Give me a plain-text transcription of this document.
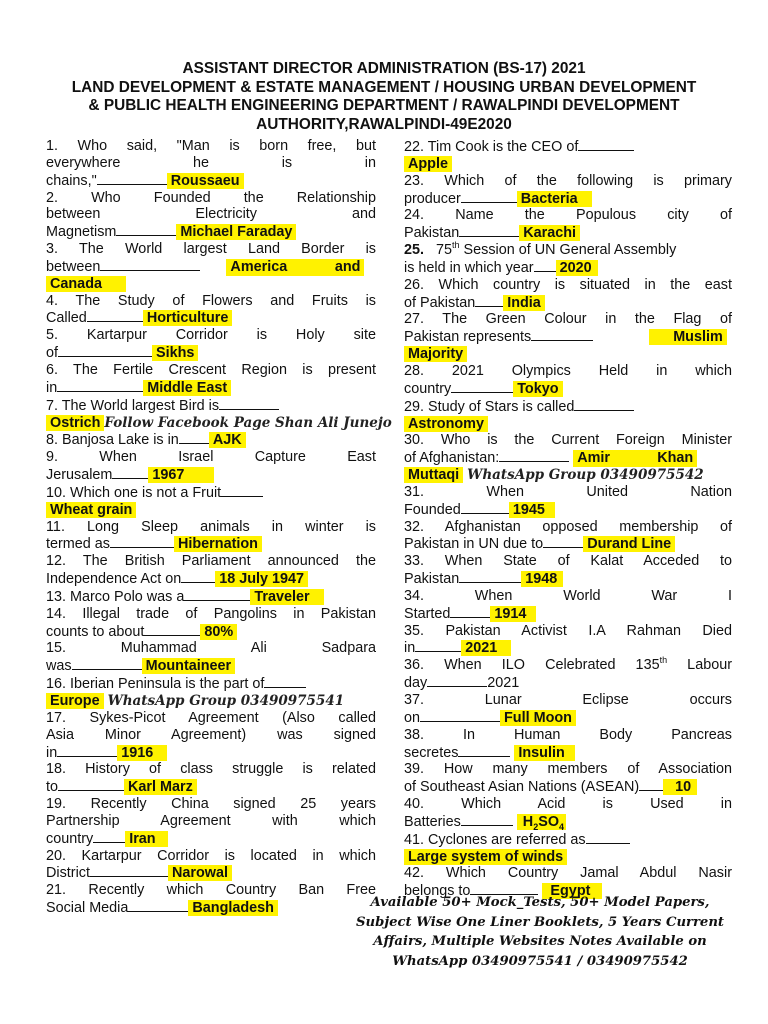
ASSISTANT DIRECTOR ADMINISTRATION (BS-17) 2021
LAND DEVELOPMENT & ESTATE MANAGEMENT / HOUSING URBAN DEVELOPMENT
& PUBLIC HEALTH ENGINEERING DEPARTMENT / RAWALPINDI DEVELOPMENT
AUTHORITY,RAWALPINDI-49E2020
1. Who said, "Man is born free, but
everywhere he is in
chains,"	Roussaeu
2. Who Founded the Relationship
between Electricity and
Magnetism	Michael Faraday
3. The World largest Land Border is
between	America and
Canada
4. The Study of Flowers and Fruits is
Called	Horticulture
5. Kartarpur Corridor is Holy site
of	Sikhs
6. The Fertile Crescent Region is present
in	Middle East
7. The World largest Bird is
Ostrich Follow Facebook Page Shan Ali Junejo
8. Banjosa Lake is in AJK
9. When Israel Capture East
Jerusalem	1967
10. Which one is not a Fruit
Wheat grain
11. Long Sleep animals in winter is
termed as	Hibernation
12. The British Parliament announced the
Independence Act on	18 July 1947
13. Marco Polo was a	Traveler
14. Illegal trade of Pangolins in Pakistan
counts to about	80%
15. Muhammad Ali Sadpara
was	Mountaineer
16. Iberian Peninsula is the part of
Europe WhatsApp Group 03490975541
17. Sykes-Picot Agreement (Also called
Asia Minor Agreement) was signed
in	1916
18. History of class struggle is related
to	Karl Marz
19. Recently China signed 25 years
Partnership Agreement with which
country	Iran
20. Kartarpur Corridor is located in which
District	Narowal
21. Recently which Country Ban Free
Social Media	Bangladesh
22. Tim Cook is the CEO of
Apple
23. Which of the following is primary
producer	Bacteria
24. Name the Populous city of
Pakistan	Karachi
25. 75th Session of UN General Assembly
is held in which year 2020
26. Which country is situated in the east
of Pakistan India
27. The Green Colour in the Flag of
Pakistan represents	Muslim
Majority
28. 2021 Olympics Held in which
country	Tokyo
29. Study of Stars is called
Astronomy
30. Who is the Current Foreign Minister
of Afghanistan:	Amir Khan
Muttaqi WhatsApp Group 03490975542
31. When United Nation
Founded	1945
32. Afghanistan opposed membership of
Pakistan in UN due to	Durand Line
33. When State of Kalat Acceded to
Pakistan	1948
34. When World War I
Started	1914
35. Pakistan Activist I.A Rahman Died
in	2021
36. When ILO Celebrated 135th Labour
day	2021
37. Lunar Eclipse occurs
on	Full Moon
38. In Human Body Pancreas
secretes	Insulin
39. How many members of Association
of Southeast Asian Nations (ASEAN)	10
40. Which Acid is Used in
Batteries	$H_2SO_4$
41. Cyclones are referred as
Large system of winds
42. Which Country Jamal Abdul Nasir
belongs to	Egypt
Available 50+ Mock_Tests, 50+ Model Papers,
Subject Wise One Liner Booklets, 5 Years Current
Affairs, Multiple Websites Notes Available on
WhatsApp 03490975541 / 03490975542
